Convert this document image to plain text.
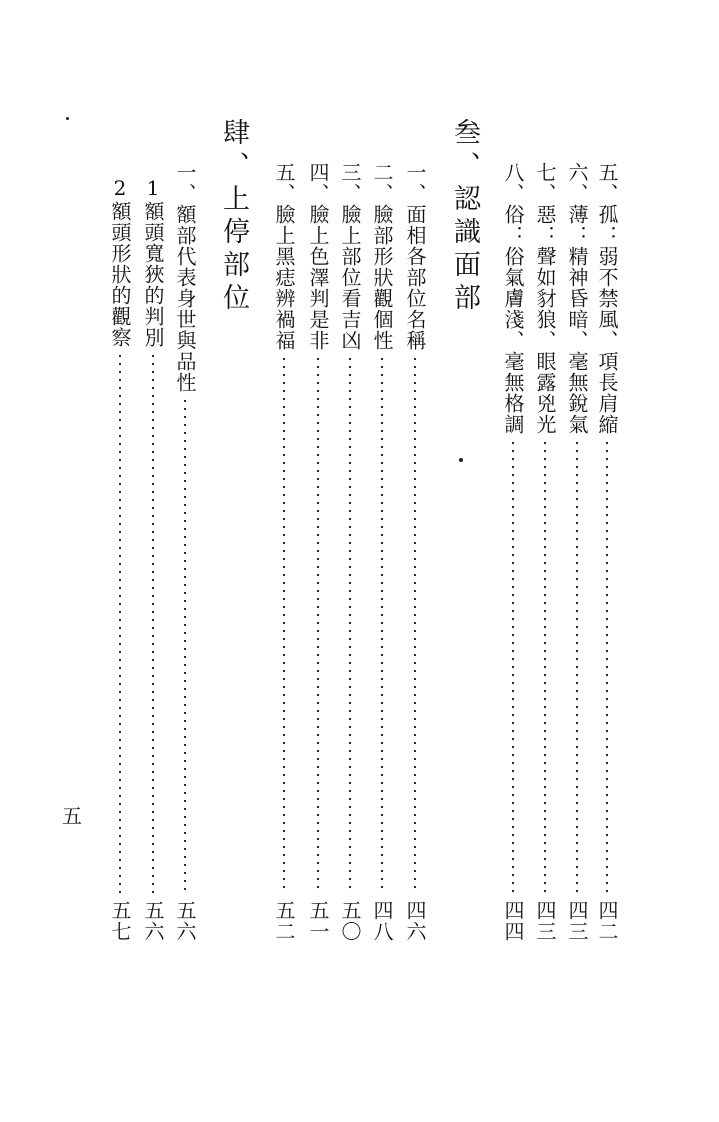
五、孤：弱不禁風、項長肩縮
四二
六、薄：精神昏暗、毫無銳氣
四三
七、惡：聲如豺狼、眼露兇光
四三
八、俗：俗氣膚淺、毫無格調
四四
叁、認識面部
一、面相各部位名稱
四六
二、臉部形狀觀個性
四八
三、臉上部位看吉凶
五〇
四、臉上色澤判是非
五一
五、臉上黑痣辨禍福
五二
肆、上停部位
一、額部代表身世與品性
五六
1額頭寬狹的判別
五六
2額頭形狀的觀察
五七
五
